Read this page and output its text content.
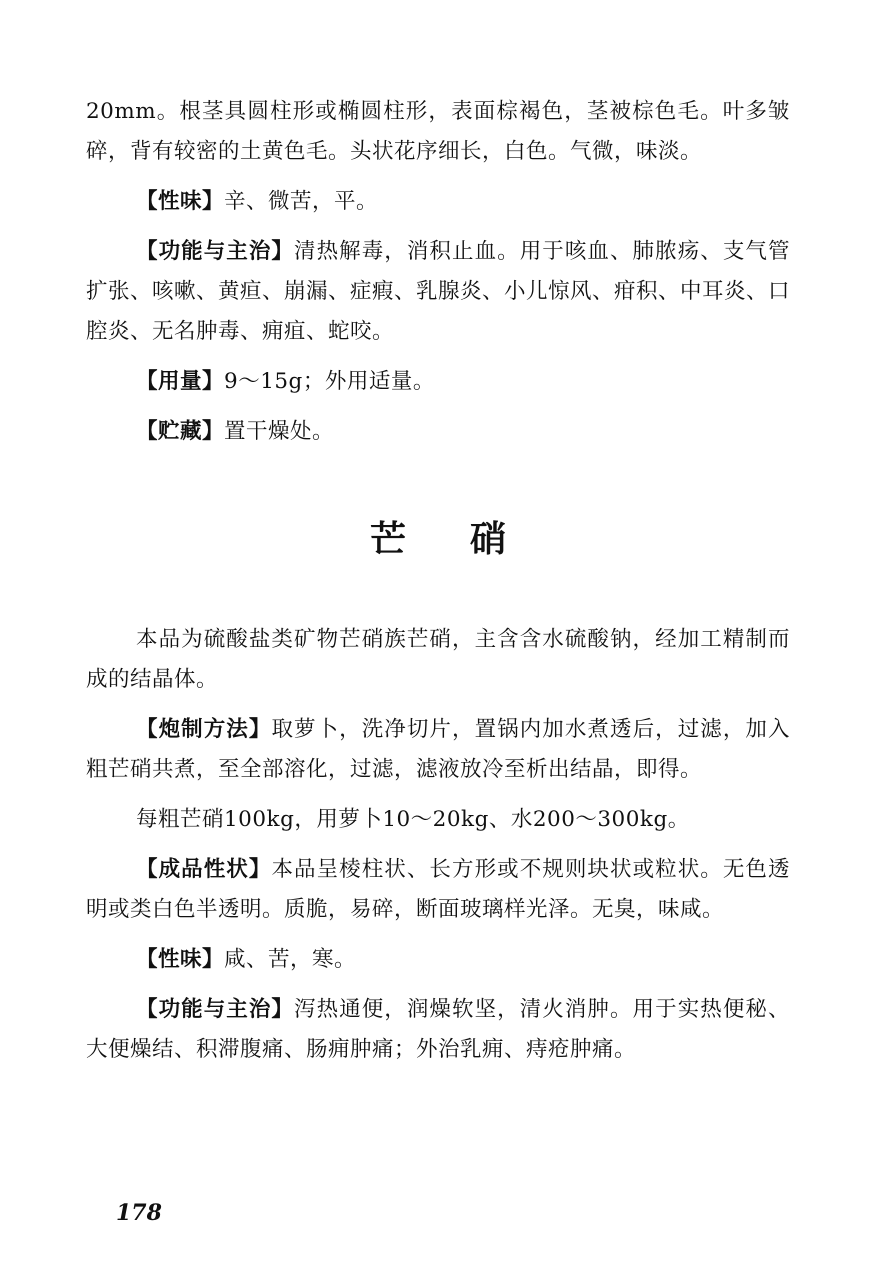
20mm。根茎具圆柱形或椭圆柱形，表面棕褐色，茎被棕色毛。叶多皱碎，背有较密的土黄色毛。头状花序细长，白色。气微，味淡。

【性味】辛、微苦，平。

【功能与主治】清热解毒，消积止血。用于咳血、肺脓疡、支气管扩张、咳嗽、黄疸、崩漏、症瘕、乳腺炎、小儿惊风、疳积、中耳炎、口腔炎、无名肿毒、痈疽、蛇咬。

【用量】9～15g；外用适量。

【贮藏】置干燥处。

芒硝

本品为硫酸盐类矿物芒硝族芒硝，主含含水硫酸钠，经加工精制而成的结晶体。

【炮制方法】取萝卜，洗净切片，置锅内加水煮透后，过滤，加入粗芒硝共煮，至全部溶化，过滤，滤液放冷至析出结晶，即得。

每粗芒硝100kg，用萝卜10～20kg、水200～300kg。

【成品性状】本品呈棱柱状、长方形或不规则块状或粒状。无色透明或类白色半透明。质脆，易碎，断面玻璃样光泽。无臭，味咸。

【性味】咸、苦，寒。

【功能与主治】泻热通便，润燥软坚，清火消肿。用于实热便秘、大便燥结、积滞腹痛、肠痈肿痛；外治乳痈、痔疮肿痛。

178
